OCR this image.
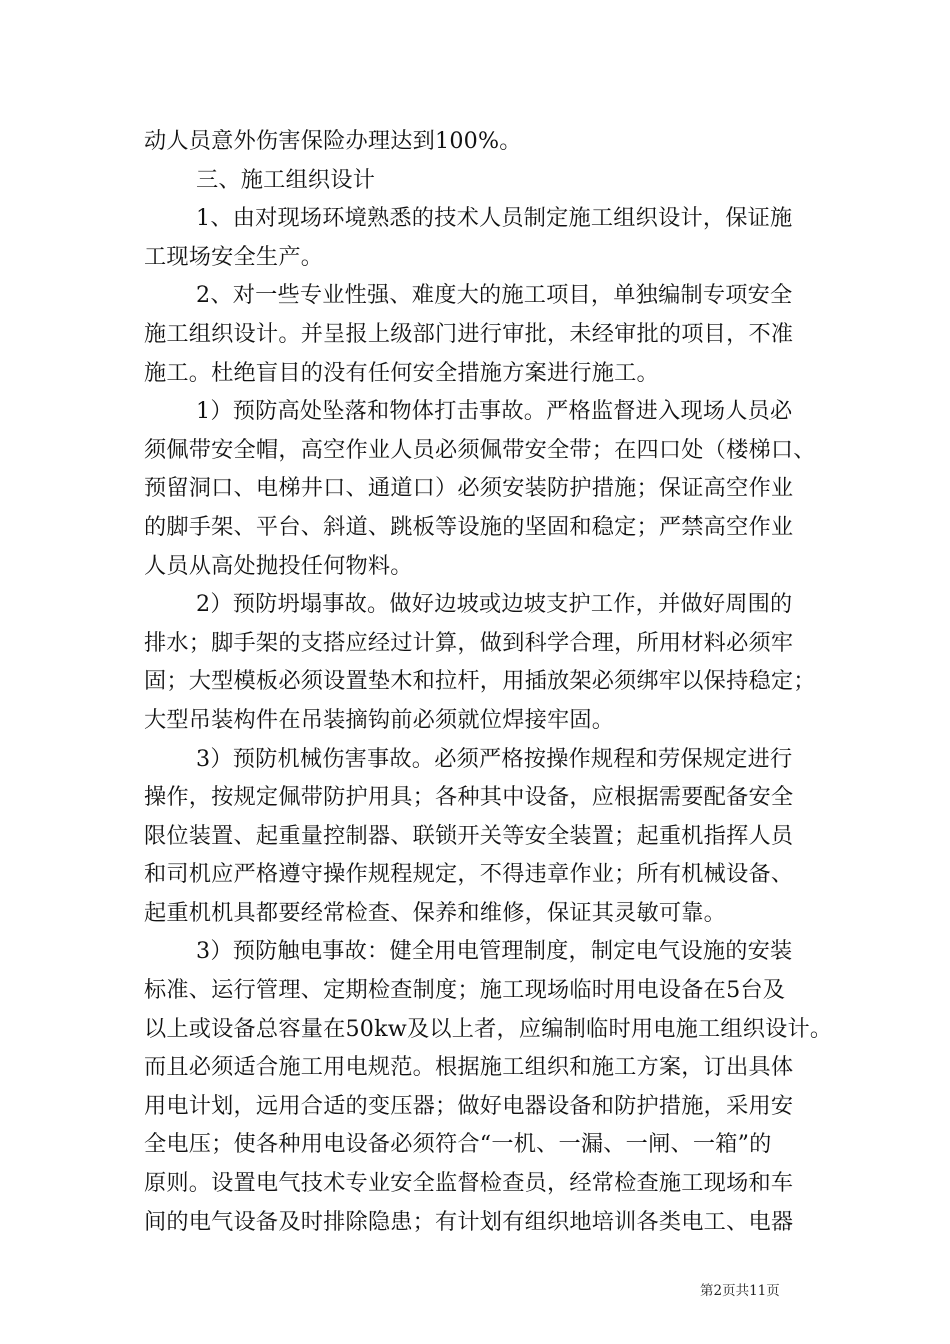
动人员意外伤害保险办理达到100%。
三、施工组织设计
1、由对现场环境熟悉的技术人员制定施工组织设计，保证施
工现场安全生产。
2、对一些专业性强、难度大的施工项目，单独编制专项安全
施工组织设计。并呈报上级部门进行审批，未经审批的项目，不准
施工。杜绝盲目的没有任何安全措施方案进行施工。
1）预防高处坠落和物体打击事故。严格监督进入现场人员必
须佩带安全帽，高空作业人员必须佩带安全带；在四口处（楼梯口、
预留洞口、电梯井口、通道口）必须安装防护措施；保证高空作业
的脚手架、平台、斜道、跳板等设施的坚固和稳定；严禁高空作业
人员从高处抛投任何物料。
2）预防坍塌事故。做好边坡或边坡支护工作，并做好周围的
排水；脚手架的支搭应经过计算，做到科学合理，所用材料必须牢
固；大型模板必须设置垫木和拉杆，用插放架必须绑牢以保持稳定；
大型吊装构件在吊装摘钩前必须就位焊接牢固。
3）预防机械伤害事故。必须严格按操作规程和劳保规定进行
操作，按规定佩带防护用具；各种其中设备，应根据需要配备安全
限位装置、起重量控制器、联锁开关等安全装置；起重机指挥人员
和司机应严格遵守操作规程规定，不得违章作业；所有机械设备、
起重机机具都要经常检查、保养和维修，保证其灵敏可靠。
3）预防触电事故：健全用电管理制度，制定电气设施的安装
标准、运行管理、定期检查制度；施工现场临时用电设备在5台及
以上或设备总容量在50kw及以上者，应编制临时用电施工组织设计。
而且必须适合施工用电规范。根据施工组织和施工方案，订出具体
用电计划，远用合适的变压器；做好电器设备和防护措施，采用安
全电压；使各种用电设备必须符合“一机、一漏、一闸、一箱”的
原则。设置电气技术专业安全监督检查员，经常检查施工现场和车
间的电气设备及时排除隐患；有计划有组织地培训各类电工、电器
第2页共11页
